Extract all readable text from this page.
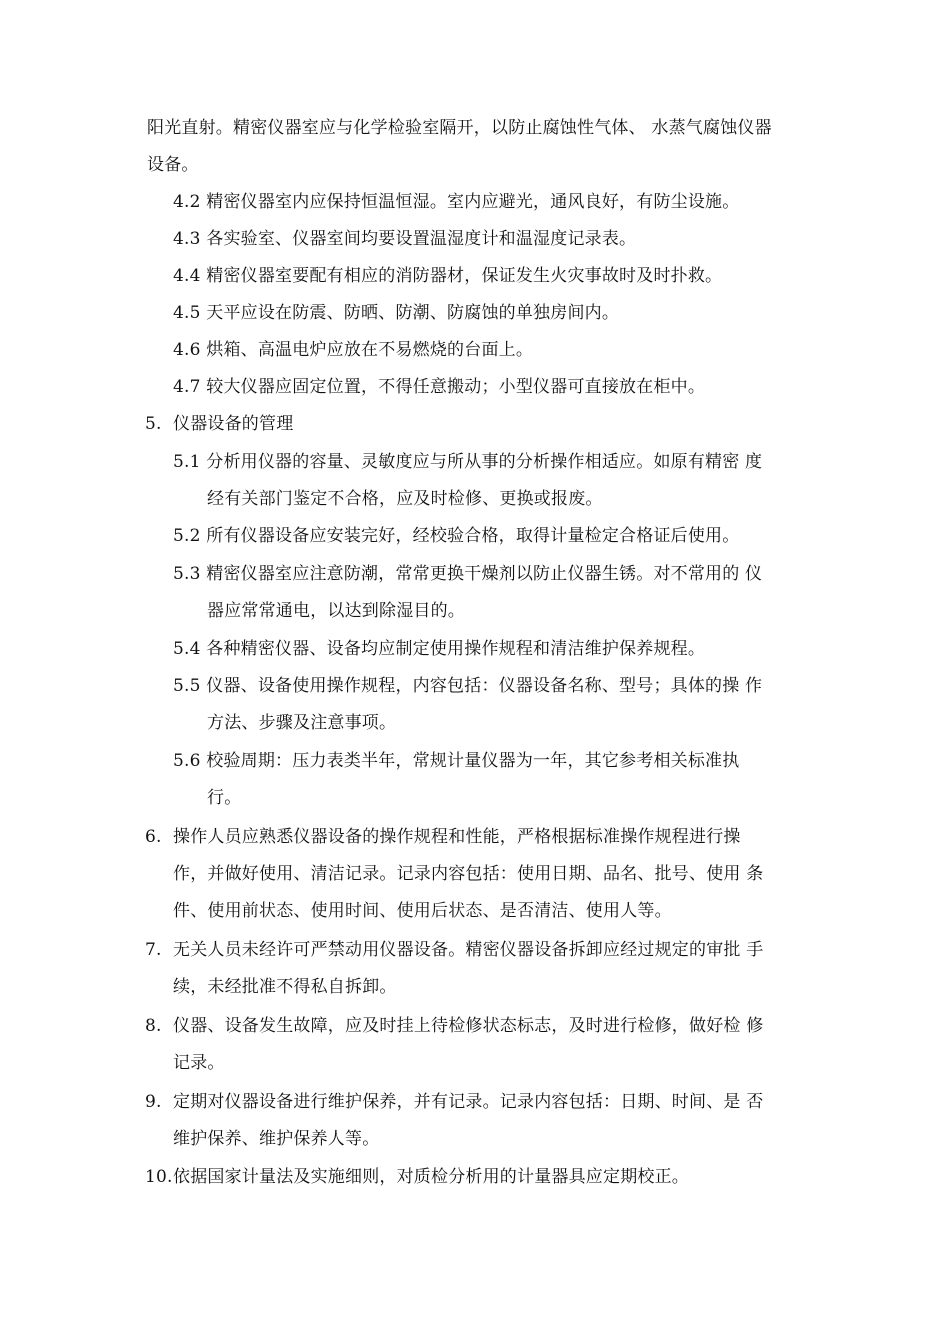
阳光直射。精密仪器室应与化学检验室隔开，以防止腐蚀性气体、 水蒸气腐蚀仪器
设备。
4.2 精密仪器室内应保持恒温恒湿。室内应避光，通风良好，有防尘设施。
4.3 各实验室、仪器室间均要设置温湿度计和温湿度记录表。
4.4 精密仪器室要配有相应的消防器材，保证发生火灾事故时及时扑救。
4.5 天平应设在防震、防晒、防潮、防腐蚀的单独房间内。
4.6 烘箱、高温电炉应放在不易燃烧的台面上。
4.7 较大仪器应固定位置，不得任意搬动；小型仪器可直接放在柜中。
5. 仪器设备的管理
5.1 分析用仪器的容量、灵敏度应与所从事的分析操作相适应。如原有精密 度
经有关部门鉴定不合格，应及时检修、更换或报废。
5.2 所有仪器设备应安装完好，经校验合格，取得计量检定合格证后使用。
5.3 精密仪器室应注意防潮，常常更换干燥剂以防止仪器生锈。对不常用的 仪
器应常常通电，以达到除湿目的。
5.4 各种精密仪器、设备均应制定使用操作规程和清洁维护保养规程。
5.5 仪器、设备使用操作规程，内容包括：仪器设备名称、型号；具体的操 作
方法、步骤及注意事项。
5.6 校验周期：压力表类半年，常规计量仪器为一年，其它参考相关标准执
行。
6. 操作人员应熟悉仪器设备的操作规程和性能，严格根据标准操作规程进行操
作，并做好使用、清洁记录。记录内容包括：使用日期、品名、批号、使用 条
件、使用前状态、使用时间、使用后状态、是否清洁、使用人等。
7. 无关人员未经许可严禁动用仪器设备。精密仪器设备拆卸应经过规定的审批 手
续，未经批准不得私自拆卸。
8. 仪器、设备发生故障，应及时挂上待检修状态标志，及时进行检修，做好检 修
记录。
9. 定期对仪器设备进行维护保养，并有记录。记录内容包括：日期、时间、是 否
维护保养、维护保养人等。
10.依据国家计量法及实施细则，对质检分析用的计量器具应定期校正。
